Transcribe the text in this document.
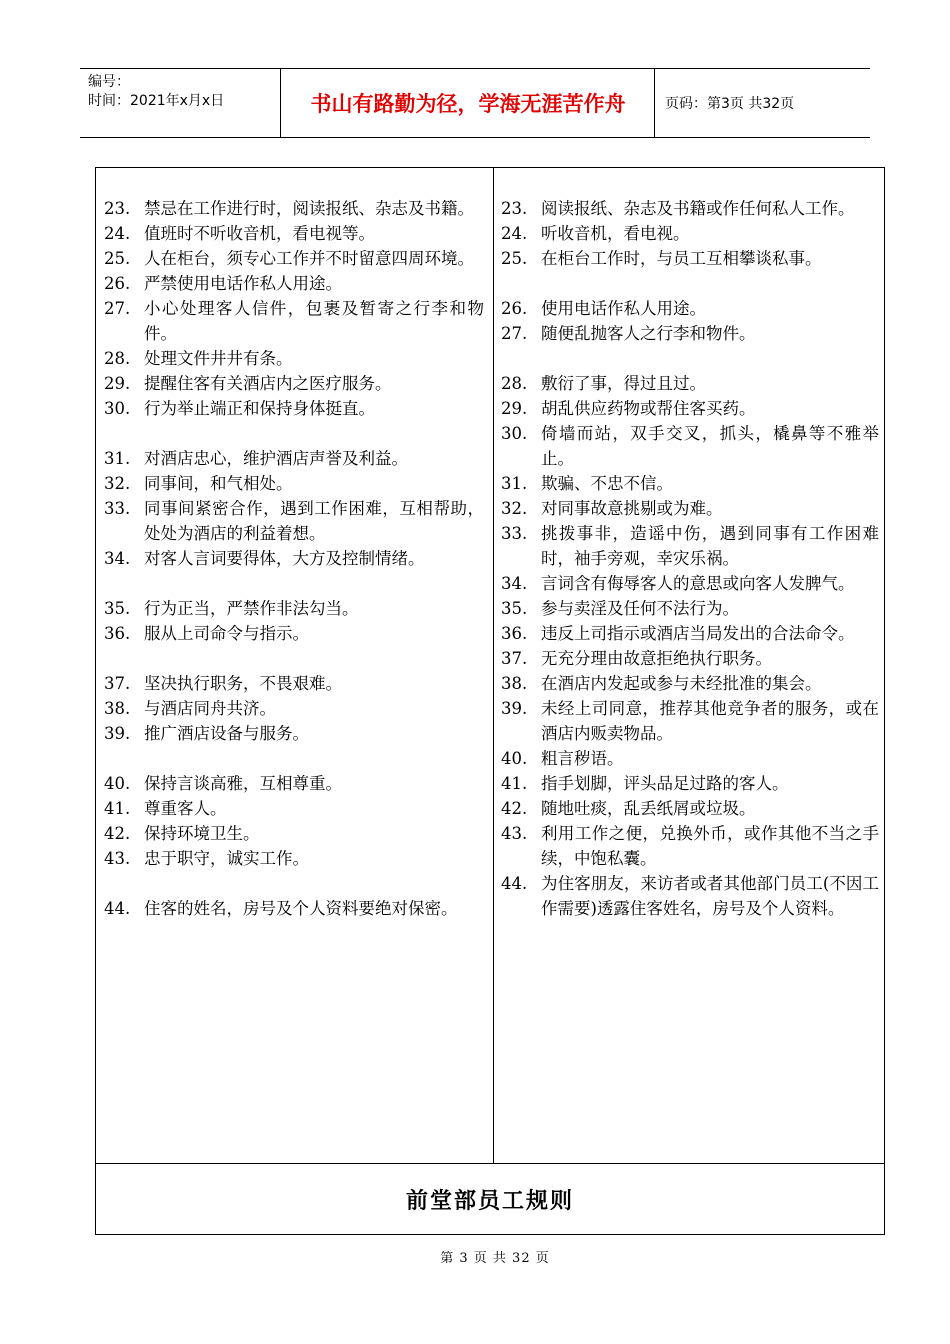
编号：
时间：2021年x月x日	书山有路勤为径，学海无涯苦作舟	页码：第3页 共32页
23. 禁忌在工作进行时，阅读报纸、杂志及书籍。
24. 值班时不听收音机，看电视等。
25. 人在柜台，须专心工作并不时留意四周环境。
26. 严禁使用电话作私人用途。
27. 小心处理客人信件，包裹及暂寄之行李和物件。
28. 处理文件井井有条。
29. 提醒住客有关酒店内之医疗服务。
30. 行为举止端正和保持身体挺直。
31. 对酒店忠心，维护酒店声誉及利益。
32. 同事间，和气相处。
33. 同事间紧密合作，遇到工作困难，互相帮助，处处为酒店的利益着想。
34. 对客人言词要得体，大方及控制情绪。
35. 行为正当，严禁作非法勾当。
36. 服从上司命令与指示。
37. 坚决执行职务，不畏艰难。
38. 与酒店同舟共济。
39. 推广酒店设备与服务。
40. 保持言谈高雅，互相尊重。
41. 尊重客人。
42. 保持环境卫生。
43. 忠于职守，诚实工作。
44. 住客的姓名，房号及个人资料要绝对保密。
23. 阅读报纸、杂志及书籍或作任何私人工作。
24. 听收音机，看电视。
25. 在柜台工作时，与员工互相攀谈私事。
26. 使用电话作私人用途。
27. 随便乱抛客人之行李和物件。
28. 敷衍了事，得过且过。
29. 胡乱供应药物或帮住客买药。
30. 倚墙而站，双手交叉，抓头，橇鼻等不雅举止。
31. 欺骗、不忠不信。
32. 对同事故意挑剔或为难。
33. 挑拨事非，造谣中伤，遇到同事有工作困难时，袖手旁观，幸灾乐祸。
34. 言词含有侮辱客人的意思或向客人发脾气。
35. 参与卖淫及任何不法行为。
36. 违反上司指示或酒店当局发出的合法命令。
37. 无充分理由故意拒绝执行职务。
38. 在酒店内发起或参与未经批准的集会。
39. 未经上司同意，推荐其他竞争者的服务，或在酒店内贩卖物品。
40. 粗言秽语。
41. 指手划脚，评头品足过路的客人。
42. 随地吐痰，乱丢纸屑或垃圾。
43. 利用工作之便，兑换外币，或作其他不当之手续，中饱私囊。
44. 为住客朋友，来访者或者其他部门员工(不因工作需要)透露住客姓名，房号及个人资料。
前堂部员工规则
第 3 页 共 32 页
